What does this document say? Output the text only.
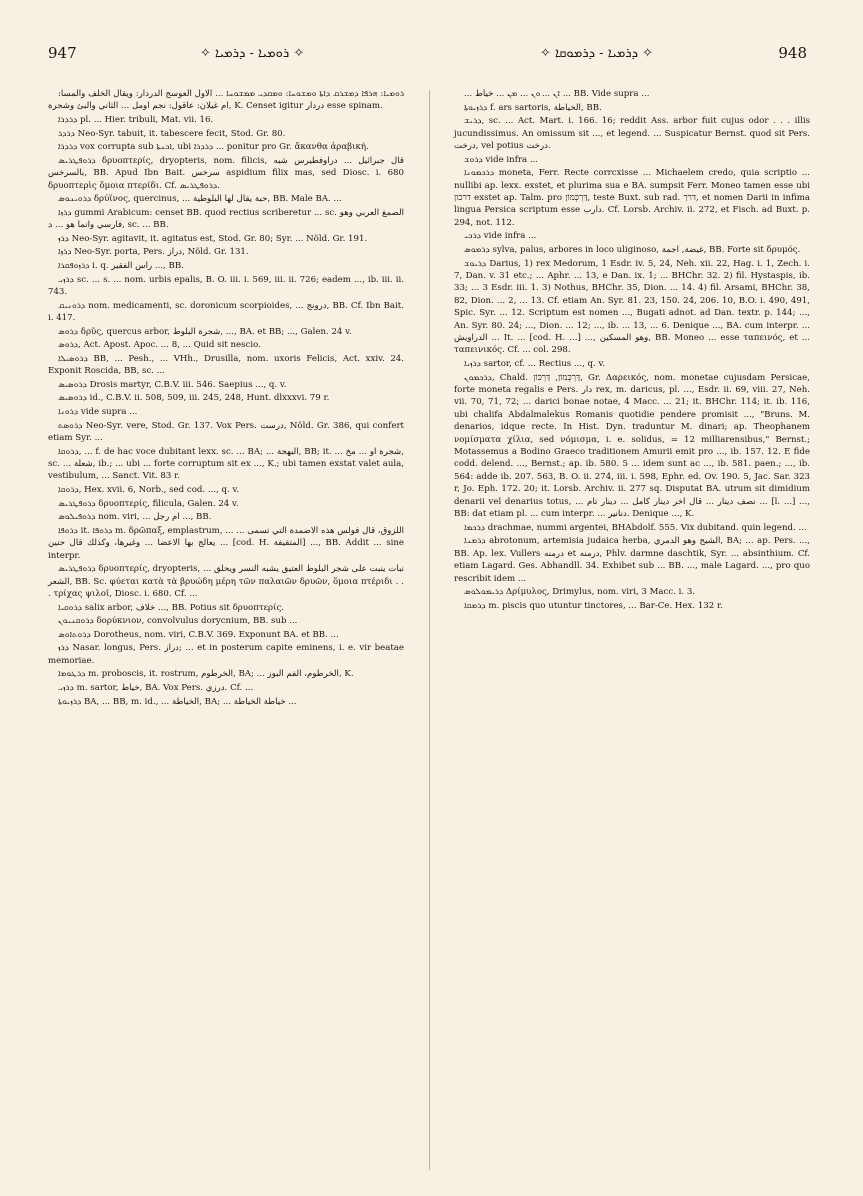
947	✧ ܪܘܡܝܐ - ܕܪܡܝܐ ✧	✧ ܕܪܡܝܐ - ܕܪܡܘܩܐ ✧	948

ܪܘܡܝܐ: ܗܪܦܐ ܕܡܫܪܩ ܕܐܬܐ ܘܡܫܘܚܐ: ܘܡܩܕܝ ܡܡܫܘܚܐ ... الاول العوسج الدردار: ويقال الخلف والمسا: ام غيلان: عاقول: نجم اومل ... الثاني والبئ وشجرة, K. Censet igitur دردار esse spinam.

ܕܪܕܪܐ pl. ... Hier. tribuli, Mat. vii. 16.

ܕܪܕܪ Neo-Syr. tabuit, it. tabescere fecit, Stod. Gr. 80.

ܕܪܕܪܐ vox corrupta sub ܐܟܢܬܐ, ubi ܕܪܕܪܐ ... ponitur pro Gr. ἄκανθα ἀραβική.

ܕܪܘܦܛܪܝܣ δρυοπτερίς, dryopteris, nom. filicis, قال جبرائيل ... دراوفطيرس شبه بالسرخس, BB. Apud Ibn Bait. سرخس aspidium filix mas, sed Diosc. i. 680 δρυοπτερὶς ὅμοια πτερίδι. Cf. ܕܪܘܦܛܪܝܣ.

ܕܪܘܝܢܘܣ δρύϊνος, quercinus, ... حبة يقال لها البلوطية, BB. Male BA. ...

ܕܪܙܐ gummi Arabicum: censet BB. quod rectius scriberetur ... sc. الصمغ العربي وهو فارسي وانما هو ... ܕ, sc. ... BB.

ܕܪܙ Neo-Syr. agitavit, it. agitatus est, Stod. Gr. 80; Syr. ... Nöld. Gr. 191.

ܕܪܙܐ Neo-Syr. porta, Pers. دراز, Nöld. Gr. 131.

ܕܪܙܘܦܩܪܐ i. q. راس الفقير ..., BB.

ܕܪܙܝ sc. ... s. ... nom. urbis epalis, B. O. iii. i. 569, iii. ii. 726; eadem ..., ib. iii. ii. 743.

ܕܪܘܢܝܩ nom. medicamenti, sc. doronicum scorpioides, ... درونج, BB. Cf. Ibn Bait. i. 417.

ܕܪܘܣ δρῦς, quercus arbor, شجرة البلوط, ..., BA. et BB; ..., Galen. 24 v.

ܕܪܘܣ, Act. Apost. Apoc. ... 8, ... Quid sit nescio.

ܕܪܘܣܝܠܐ BB, ... Pesh., ... VHh., Drusilla, nom. uxoris Felicis, Act. xxiv. 24. Exponit Roscida, BB, sc. ...

ܕܪܘܣܝܣ Drosis martyr, C.B.V. iii. 546. Saepius ..., q. v.

ܕܪܘܣܝܣ id., C.B.V. ii. 508, 509, iii. 245, 248, Hunt. dlxxxvi. 79 r.

ܕܪܘܢܐ vide supra ...

ܕܪܘܣܬ Neo-Syr. vere, Stod. Gr. 137. Vox Pers. درست, Nöld. Gr. 386, qui confert etiam Syr. ...

ܕܪܘܩܐ, ... f. de hac voce dubitant lexx. sc. ... BA; ... البهجة, BB; it. ... شجرة او ... مخ, sc. ... شعلة, ib.; ... ubi ... forte corruptum sit ex ..., K.; ubi tamen exstat valet aula, vestibulum, ... Sanct. Vit. 83 r.

ܕܪܘܩܐ, Hex. xvii. 6, Norb., sed cod. ..., q. v.

ܕܪܘܦܛܪܝܣ δρυοπτερίς, filicula, Galen. 24 v.

ܕܪܘܦܝܠܘܣ nom. viri, ... ام رجل ..., BB.

ܕܪܘܦܐ it. ܕܪܘܦܐ m. δρῶπαξ, emplastrum, ... ... اللزوق، قال فولس هذه الاضمدة التي تسمى ... يعالج بها الاعضا ... وغيرها، وكذلك قال حنين [cod. H. المتقيفة] ..., BB. Addit ... sine interpr.

ܕܪܘܦܛܪܝܣ δρυοπτερίς, dryopteris, ... نبات ينبت على شجر البلوط العتيق يشبه النسر ويحلق الشعر, BB. Sc. φύεται κατὰ τὰ βρυώδη μέρη τῶν παλαιῶν δρυῶν, ὅμοια πτέριδι . . . τρίχας ψιλοῖ, Diosc. i. 680. Cf. ...

ܕܪܘܩܝܐ salix arbor, خلاف ..., BB. Potius sit δρυοπτερίς.

ܕܪܘܩܢܝܘܢ δορύκνιον, convolvulus dorycnium, BB. sub ...

ܕܪܘܬܐܘܣ Dorotheus, nom. viri, C.B.V. 369. Exponunt BA. et BB. ...

ܕܪܙ Nasar. longus, Pers. دراز; ... et in posterum capite eminens, i. e. vir beatae memoriae.

ܕܪܛܘܡܐ m. proboscis, it. rostrum, الخرطوم, BA; ... الخرطوم، الفم البوز, K.

ܕܪܙܝ m. sartor, خياط, BA. Vox Pers. درزي. Cf. ...

ܕܪܙܝܘܬܐ BA, ... BB, m. id., ... الخياطة, BA; ... خياطة الخياطة ...

... ܐܢ ... ܘܢ ... ܡܢ ... خياط ... BB. Vide supra ...

ܕܪܙܝܘܬܐ f. ars sartoris, الخياطة, BB.

ܕܪܝܫ, sc. ... Act. Mart. i. 166. 16; reddit Ass. arbor fuit cujus odor . . . illis jucundissimus. An omissum sit ..., et legend. ... Suspicatur Bernst. quod sit Pers. درخت, vel potius درخت.

ܕܪܘܫ vide infra ...

ܕܪܟܡܘܢܐ moneta, Ferr. Recte corrcxisse ... Michaelem credo, quia scriptio ... nullibi ap. lexx. exstet, et plurima sua e BA. sumpsit Ferr. Moneo tamen esse ubi דרכון exstet ap. Talm. pro דַּרְכְּמוֹן, teste Buxt. sub rad. דרך, et nomen Darii in infima lingua Persica scriptum esse دارب. Cf. Lorsb. Archiv. ii. 272, et Fisch. ad Buxt. p. 294, not. 112.

ܕܪܟܝ vide infra ...

ܕܪܡܘܣ sylva, palus, arbores in loco uliginoso, غيضة, اجمة, BB. Forte sit δρυμός.

ܕܪܝܘܫ Darius, 1) rex Medorum, 1 Esdr. iv. 5, 24, Neh. xii. 22, Hag. i. 1, Zech. i. 7, Dan. v. 31 etc.; ... Aphr. ... 13, e Dan. ix. 1; ... BHChr. 32. 2) fil. Hystaspis, ib. 33; ... 3 Esdr. iii. 1. 3) Nothus, BHChr. 35, Dion. ... 14. 4) fil. Arsami, BHChr. 38, 82, Dion. ... 2, ... 13. Cf. etiam An. Syr. 81. 23, 150. 24, 206. 10, B.O. i. 490, 491, Spic. Syr. ... 12. Scriptum est nomen ..., Bugati adnot. ad Dan. textr. p. 144; ..., An. Syr. 80. 24; ..., Dion. ... 12; ..., ib. ... 13, ... 6. Denique ..., BA. cum interpr. ... الدراويش ... It. ... [cod. H. ...] ..., وهو المسكين, BB. Moneo ... esse ταπεινός, et ... ταπεινικός. Cf. ... col. 298.

ܕܪܙܝܐ sartor, cf. ... Rectius ..., q. v.

ܕܪܟܡܘܢ, Chald. דַּרְכְּמוֹן, דַּרְכּוֹן, Gr. Δαρεικός, nom. monetae cujusdam Persicae, forte moneta regalis e Pers. دار rex, m. daricus, pl. ..., Esdr. ii. 69, viii. 27, Neh. vii. 70, 71, 72; ... darici bonae notae, 4 Macc. ... 21; it. BHChr. 114; it. ib. 116, ubi chalifa Abdalmalekus Romanis quotidie pendere promisit ..., "Bruns. M. denarios, idque recte. In Hist. Dyn. traduntur M. dinari; ap. Theophanem νομίσματα χίλια, sed νόμισμα, i. e. solidus, = 12 milliarensibus," Bernst.; Motassemus a Bodino Graeco traditionem Amurii emit pro ..., ib. 157. 12. E fide codd. delend. ..., Bernst.; ap. ib. 580. 5 ... idem sunt ac ..., ib. 581. paen.; ..., ib. 564: adde ib. 207. 563, B. O. ii. 274, iii. i. 598, Ephr. ed. Ov. 190. 5, Jac. Sar. 323 r, Jo. Eph. 172. 20; it. Lorsb. Archiv. ii. 277 sq. Disputat BA. utrum sit dimidium denarii vel denarius totus, ... نصف دينار ... قال اخر دينار كامل ... دينار تام ... [l. ...] ..., BB: dat etiam pl. ... cum interpr. ... دنانير. Denique ..., K.

ܕܪܟܡܐ drachmae, nummi argentei, BHAbdolf. 555. Vix dubitand. quin legend. ...

ܕܪܡܢܐ abrotonum, artemisia judaica herba, الشيح وهو الدمري, BA; ... ap. Pers. ..., BB. Ap. lex. Vullers درمنه et درمنه, Phlv. darmne daschtik, Syr. ... absinthium. Cf. etiam Lagard. Ges. Abhandll. 34. Exhibet sub ... BB. ..., male Lagard. ..., pro quo rescribit idem ...

ܕܪܝܡܘܠܘܣ Δρίμυλος, Drimylus, nom. viri, 3 Macc. i. 3.

ܕܪܡܩܐ m. piscis quo utuntur tinctores, ... Bar-Ce. Hex. 132 r.
